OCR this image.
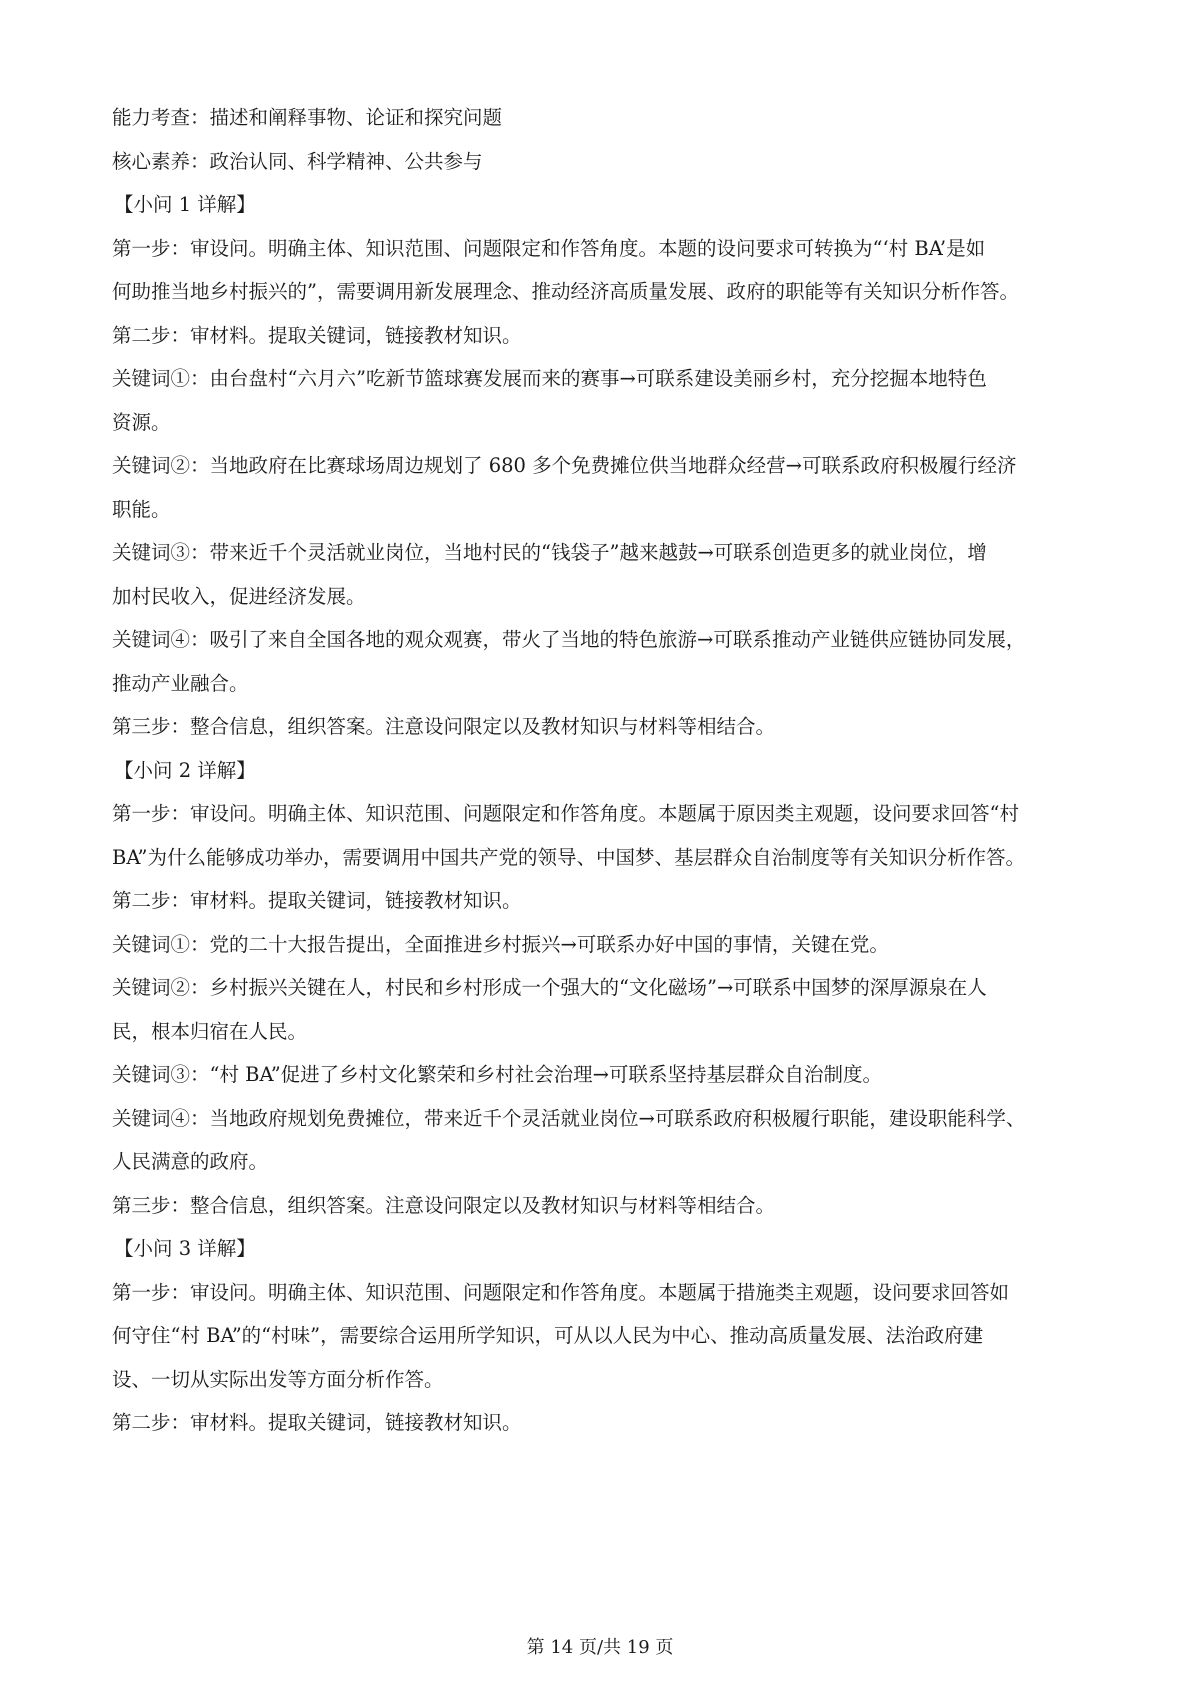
能力考查：描述和阐释事物、论证和探究问题
核心素养：政治认同、科学精神、公共参与
【小问 1 详解】
第一步：审设问。明确主体、知识范围、问题限定和作答角度。本题的设问要求可转换为“‘村 BA’是如
何助推当地乡村振兴的”，需要调用新发展理念、推动经济高质量发展、政府的职能等有关知识分析作答。
第二步：审材料。提取关键词，链接教材知识。
关键词①：由台盘村“六月六”吃新节篮球赛发展而来的赛事→可联系建设美丽乡村，充分挖掘本地特色
资源。
关键词②：当地政府在比赛球场周边规划了 680 多个免费摊位供当地群众经营→可联系政府积极履行经济
职能。
关键词③：带来近千个灵活就业岗位，当地村民的“钱袋子”越来越鼓→可联系创造更多的就业岗位，增
加村民收入，促进经济发展。
关键词④：吸引了来自全国各地的观众观赛，带火了当地的特色旅游→可联系推动产业链供应链协同发展，
推动产业融合。
第三步：整合信息，组织答案。注意设问限定以及教材知识与材料等相结合。
【小问 2 详解】
第一步：审设问。明确主体、知识范围、问题限定和作答角度。本题属于原因类主观题，设问要求回答“村
BA”为什么能够成功举办，需要调用中国共产党的领导、中国梦、基层群众自治制度等有关知识分析作答。
第二步：审材料。提取关键词，链接教材知识。
关键词①：党的二十大报告提出，全面推进乡村振兴→可联系办好中国的事情，关键在党。
关键词②：乡村振兴关键在人，村民和乡村形成一个强大的“文化磁场”→可联系中国梦的深厚源泉在人
民，根本归宿在人民。
关键词③：“村 BA”促进了乡村文化繁荣和乡村社会治理→可联系坚持基层群众自治制度。
关键词④：当地政府规划免费摊位，带来近千个灵活就业岗位→可联系政府积极履行职能，建设职能科学、
人民满意的政府。
第三步：整合信息，组织答案。注意设问限定以及教材知识与材料等相结合。
【小问 3 详解】
第一步：审设问。明确主体、知识范围、问题限定和作答角度。本题属于措施类主观题，设问要求回答如
何守住“村 BA”的“村味”，需要综合运用所学知识，可从以人民为中心、推动高质量发展、法治政府建
设、一切从实际出发等方面分析作答。
第二步：审材料。提取关键词，链接教材知识。
第 14 页/共 19 页
